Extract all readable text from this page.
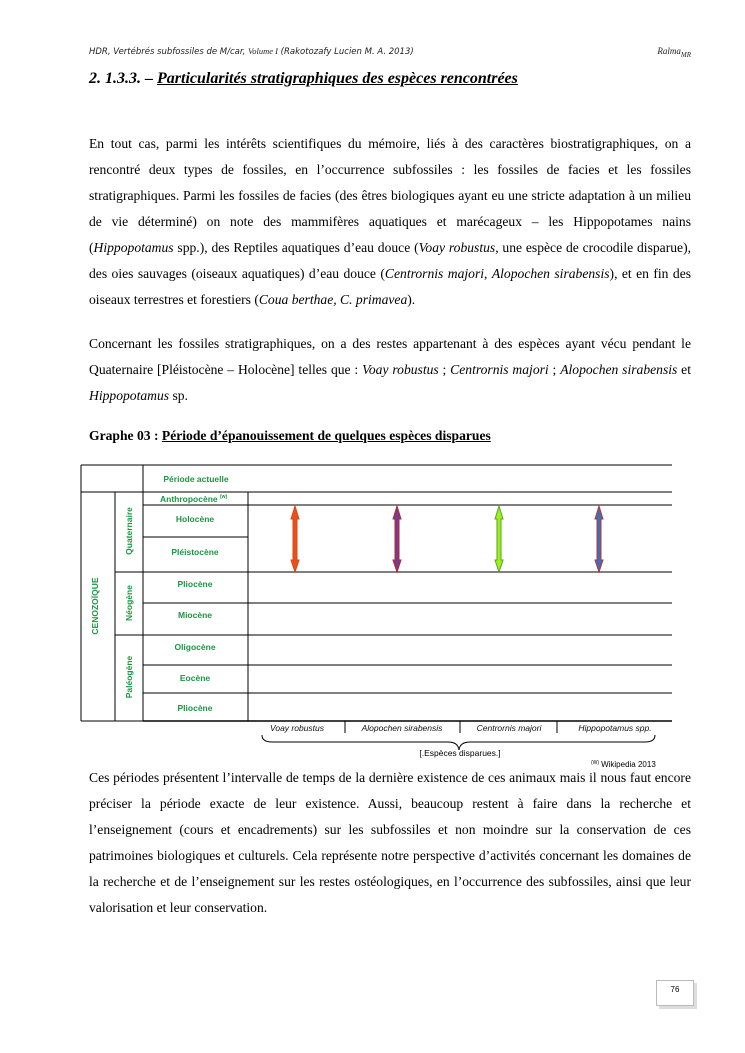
HDR, Vertébrés subfossiles de M/car, Volume I (Rakotozafy Lucien M. A. 2013)	Ralma$_{MR}$
2. 1.3.3. – Particularités stratigraphiques des espèces rencontrées

En tout cas, parmi les intérêts scientifiques du mémoire, liés à des caractères biostratigraphiques, on a rencontré deux types de fossiles, en l’occurrence subfossiles : les fossiles de facies et les fossiles stratigraphiques. Parmi les fossiles de facies (des êtres biologiques ayant eu une stricte adaptation à un milieu de vie déterminé) on note des mammifères aquatiques et marécageux – les Hippopotames nains (Hippopotamus spp.), des Reptiles aquatiques d’eau douce (Voay robustus, une espèce de crocodile disparue), des oies sauvages (oiseaux aquatiques) d’eau douce (Centrornis majori, Alopochen sirabensis), et en fin des oiseaux terrestres et forestiers (Coua berthae, C. primavea).

Concernant les fossiles stratigraphiques, on a des restes appartenant à des espèces ayant vécu pendant le Quaternaire [Pléistocène – Holocène] telles que : Voay robustus ; Centrornis majori ; Alopochen sirabensis et Hippopotamus sp.

Graphe 03 : Période d’épanouissement de quelques espèces disparues
Période actuelle
Anthropocène $^{(w)}$
Holocène
Pléistocène
Pliocène
Miocène
Oligocène
Eocène
Pliocène
CENOZOÏQUE
Quaternaire
Néogène
Paléogène
Voay robustus	Alopochen sirabensis	Centrornis majori	Hippopotamus spp.
[.Espèces disparues.]
$^{(W)}$ Wikipedia 2013

Ces périodes présentent l’intervalle de temps de la dernière existence de ces animaux mais il nous faut encore préciser la période exacte de leur existence. Aussi, beaucoup restent à faire dans la recherche et l’enseignement (cours et encadrements) sur les subfossiles et non moindre sur la conservation de ces patrimoines biologiques et culturels. Cela représente notre perspective d’activités concernant les domaines de la recherche et de l’enseignement sur les restes ostéologiques, en l’occurrence des subfossiles, ainsi que leur valorisation et leur conservation.

76
